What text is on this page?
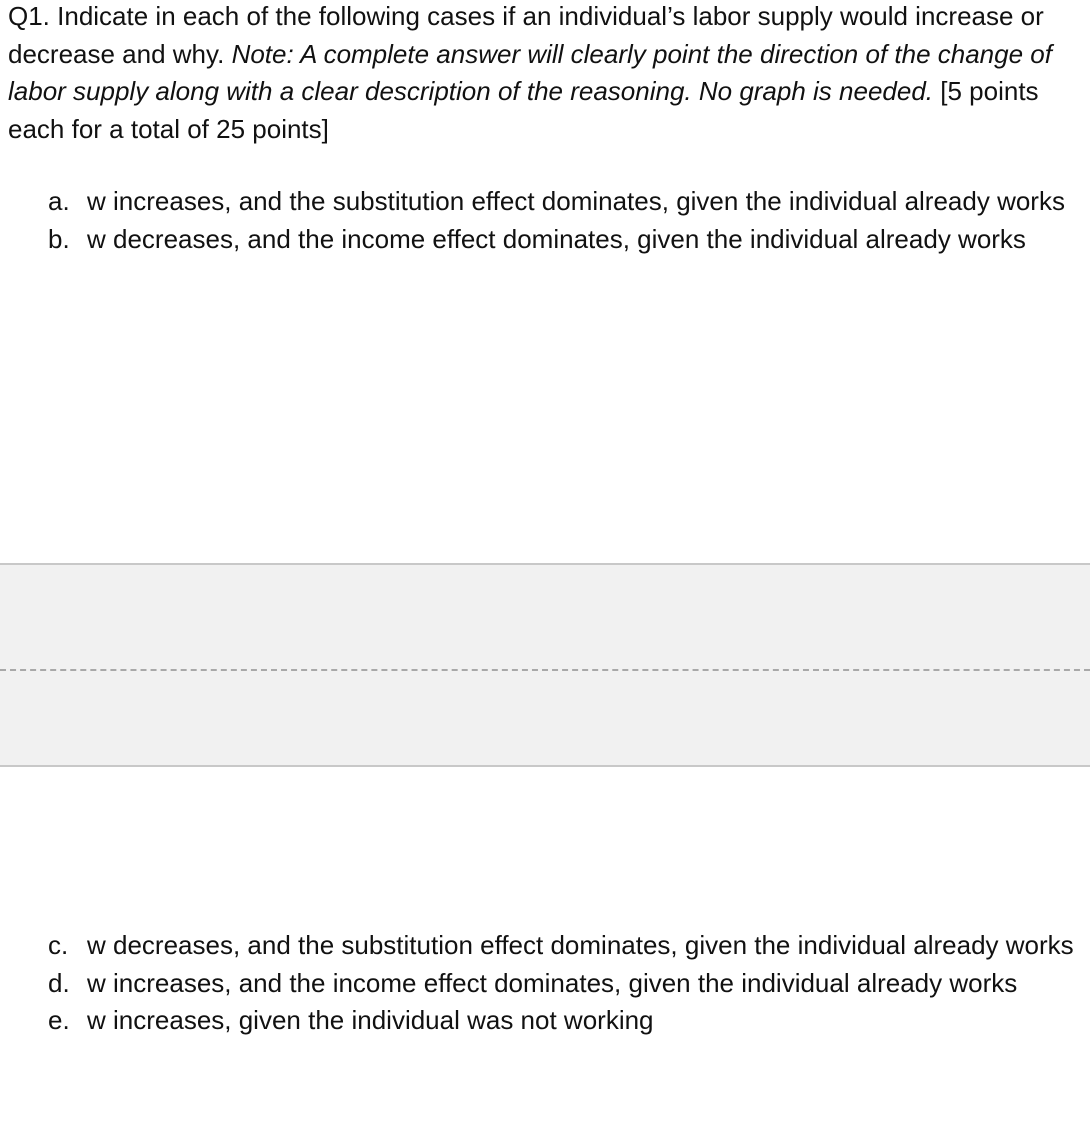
Q1. Indicate in each of the following cases if an individual’s labor supply would increase or decrease and why. Note: A complete answer will clearly point the direction of the change of labor supply along with a clear description of the reasoning. No graph is needed. [5 points each for a total of 25 points]

a. w increases, and the substitution effect dominates, given the individual already works
b. w decreases, and the income effect dominates, given the individual already works
c. w decreases, and the substitution effect dominates, given the individual already works
d. w increases, and the income effect dominates, given the individual already works
e. w increases, given the individual was not working
